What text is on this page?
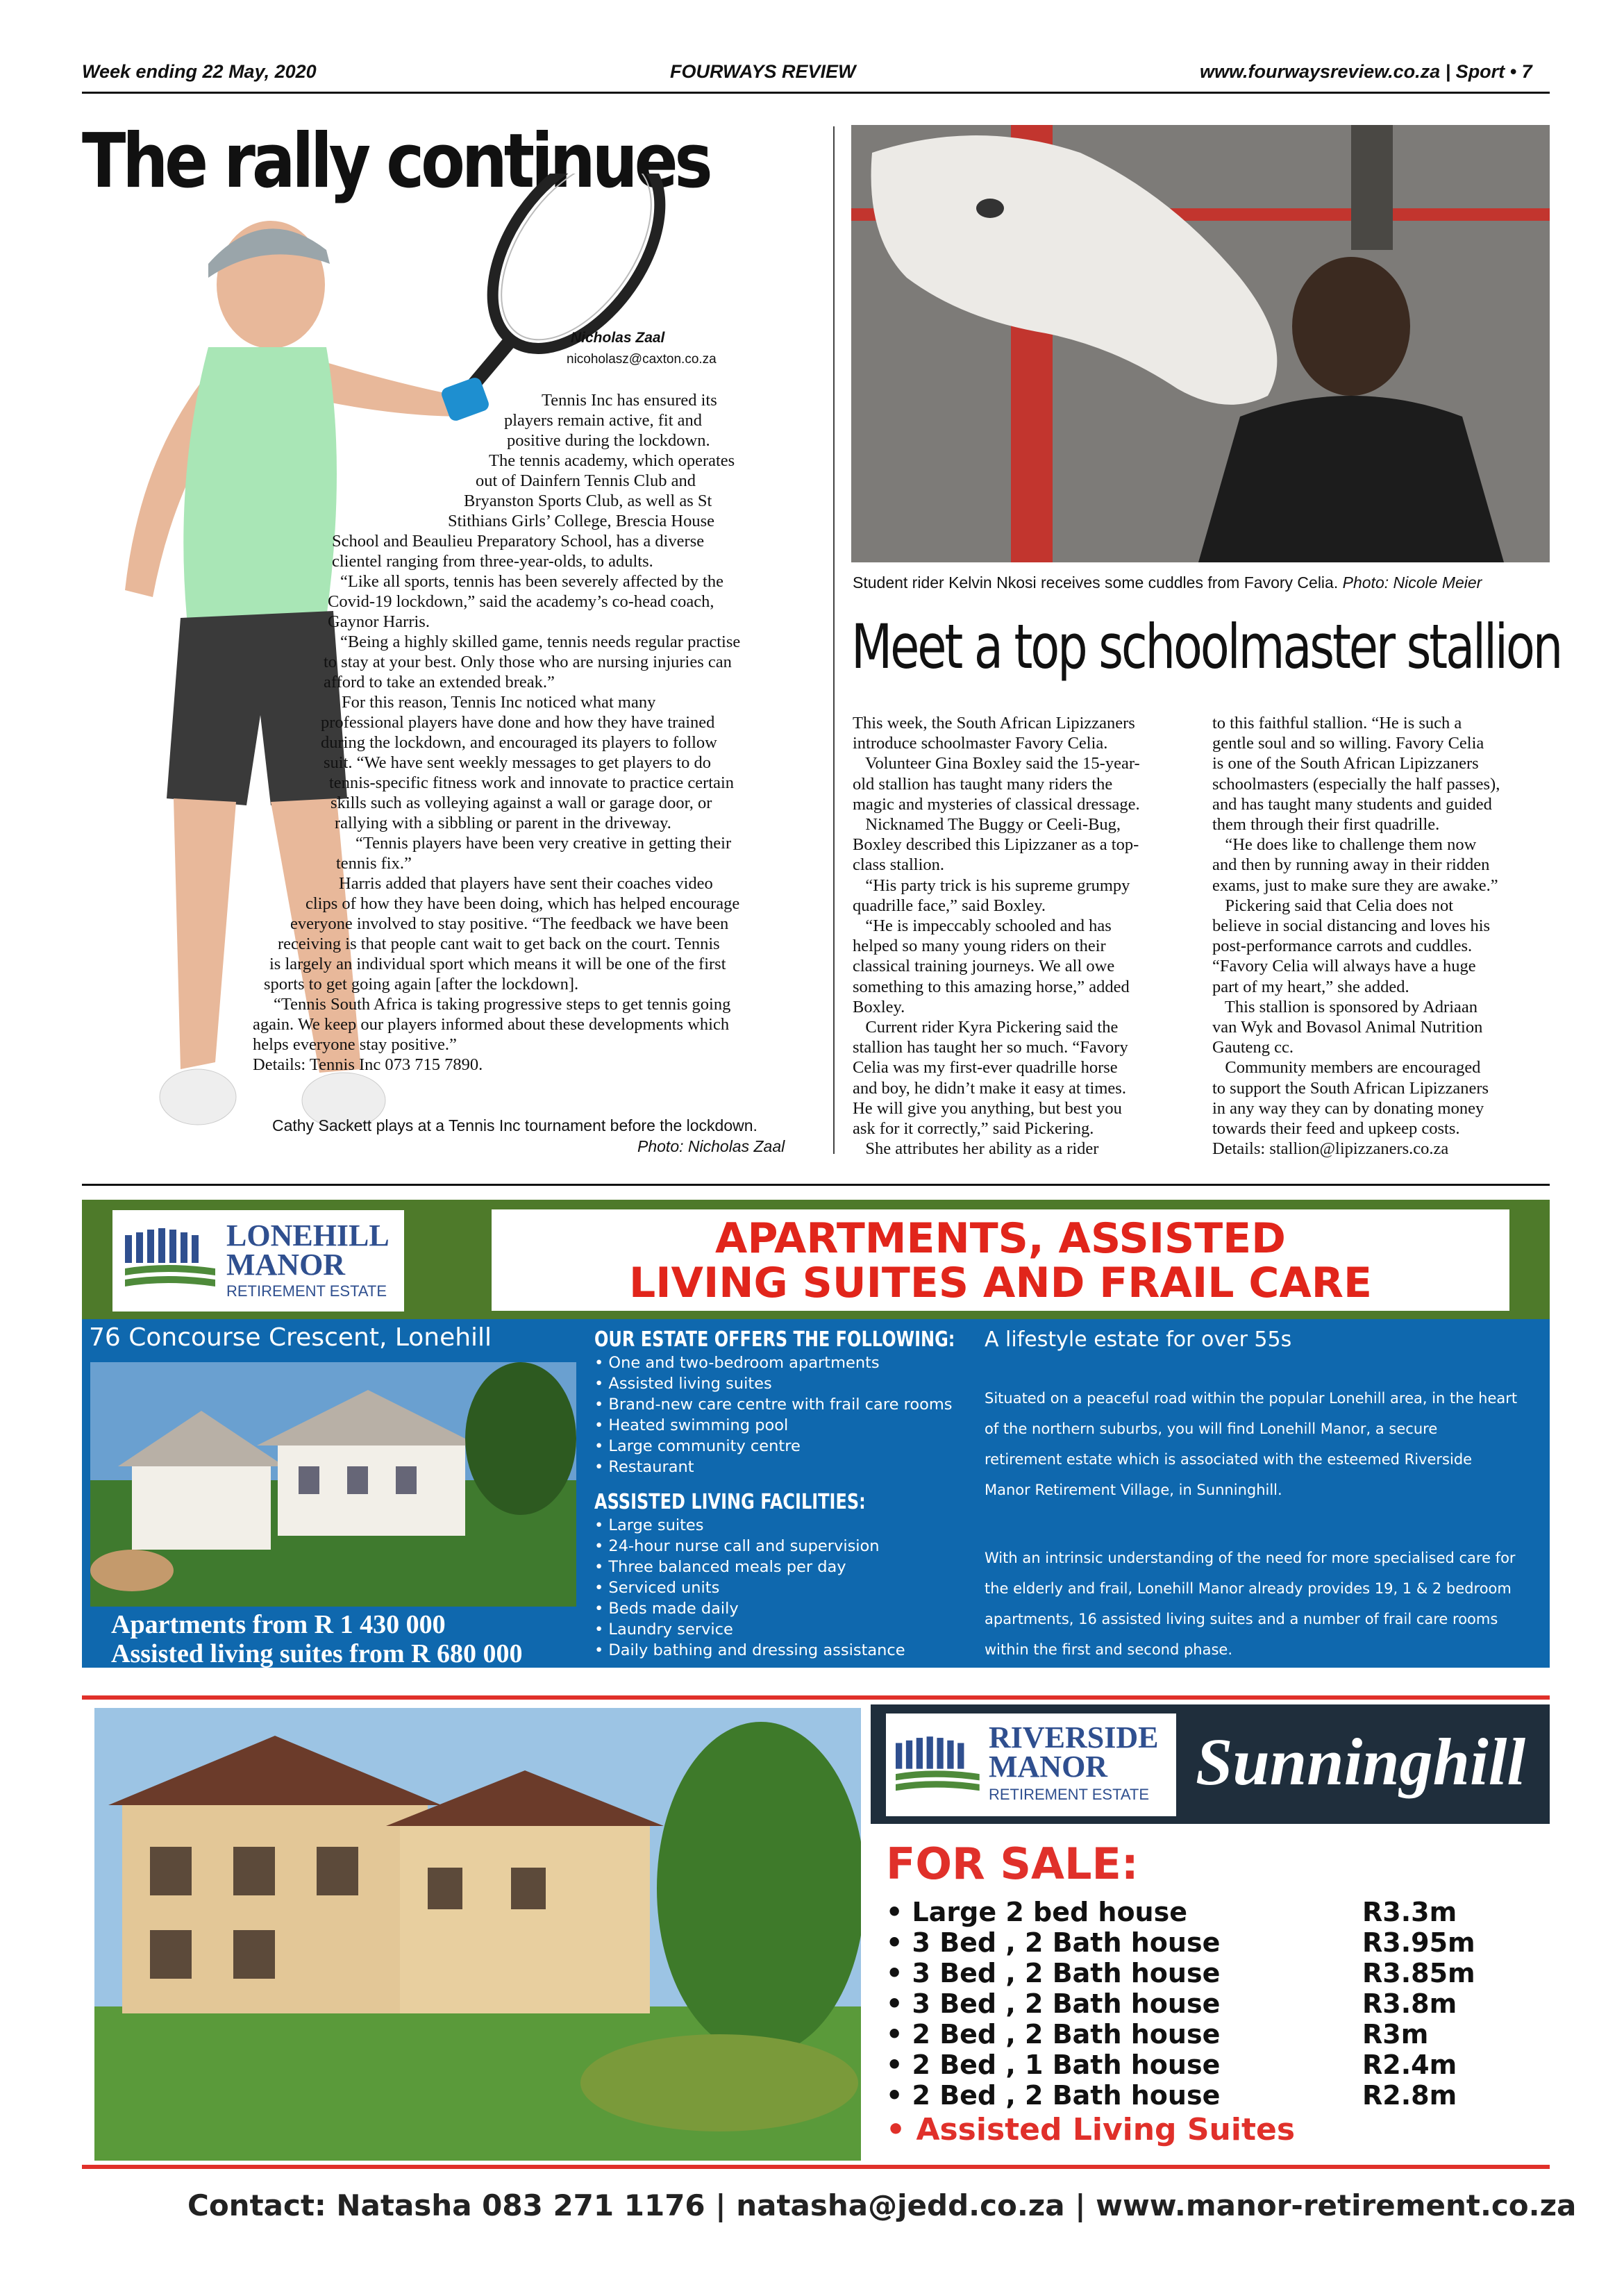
Week ending 22 May, 2020	FOURWAYS REVIEW	www.fourwaysreview.co.za | Sport • 7
The rally continues
Nicholas Zaal
nicoholasz@caxton.co.za
Tennis Inc has ensured its
players remain active, fit and
positive during the lockdown.
The tennis academy, which operates
out of Dainfern Tennis Club and
Bryanston Sports Club, as well as St
Stithians Girls’ College, Brescia House
School and Beaulieu Preparatory School, has a diverse
clientel ranging from three-year-olds, to adults.
“Like all sports, tennis has been severely affected by the
Covid-19 lockdown,” said the academy’s co-head coach,
Gaynor Harris.
“Being a highly skilled game, tennis needs regular practise
to stay at your best. Only those who are nursing injuries can
afford to take an extended break.”
For this reason, Tennis Inc noticed what many
professional players have done and how they have trained
during the lockdown, and encouraged its players to follow
suit. “We have sent weekly messages to get players to do
tennis-specific fitness work and innovate to practice certain
skills such as volleying against a wall or garage door, or
rallying with a sibbling or parent in the driveway.
“Tennis players have been very creative in getting their
tennis fix.”
Harris added that players have sent their coaches video
clips of how they have been doing, which has helped encourage
everyone involved to stay positive. “The feedback we have been
receiving is that people cant wait to get back on the court. Tennis
is largely an individual sport which means it will be one of the first
sports to get going again [after the lockdown].
“Tennis South Africa is taking progressive steps to get tennis going
again. We keep our players informed about these developments which
helps everyone stay positive.”
Details: Tennis Inc 073 715 7890.
Cathy Sackett plays at a Tennis Inc tournament before the lockdown.
Photo: Nicholas Zaal
Student rider Kelvin Nkosi receives some cuddles from Favory Celia. Photo: Nicole Meier
Meet a top schoolmaster stallion
This week, the South African Lipizzaners
introduce schoolmaster Favory Celia.
Volunteer Gina Boxley said the 15-year-
old stallion has taught many riders the
magic and mysteries of classical dressage.
Nicknamed The Buggy or Ceeli-Bug,
Boxley described this Lipizzaner as a top-
class stallion.
“His party trick is his supreme grumpy
quadrille face,” said Boxley.
“He is impeccably schooled and has
helped so many young riders on their
classical training journeys. We all owe
something to this amazing horse,” added
Boxley.
Current rider Kyra Pickering said the
stallion has taught her so much. “Favory
Celia was my first-ever quadrille horse
and boy, he didn’t make it easy at times.
He will give you anything, but best you
ask for it correctly,” said Pickering.
She attributes her ability as a rider
to this faithful stallion. “He is such a
gentle soul and so willing. Favory Celia
is one of the South African Lipizzaners
schoolmasters (especially the half passes),
and has taught many students and guided
them through their first quadrille.
“He does like to challenge them now
and then by running away in their ridden
exams, just to make sure they are awake.”
Pickering said that Celia does not
believe in social distancing and loves his
post-performance carrots and cuddles.
“Favory Celia will always have a huge
part of my heart,” she added.
This stallion is sponsored by Adriaan
van Wyk and Bovasol Animal Nutrition
Gauteng cc.
Community members are encouraged
to support the South African Lipizzaners
in any way they can by donating money
towards their feed and upkeep costs.
Details: stallion@lipizzaners.co.za
LONEHILL
MANOR
RETIREMENT ESTATE
APARTMENTS, ASSISTED
LIVING SUITES AND FRAIL CARE
76 Concourse Crescent, Lonehill
Apartments from R 1 430 000
Assisted living suites from R 680 000
OUR ESTATE OFFERS THE FOLLOWING:
• One and two-bedroom apartments
• Assisted living suites
• Brand-new care centre with frail care rooms
• Heated swimming pool
• Large community centre
• Restaurant
ASSISTED LIVING FACILITIES:
• Large suites
• 24-hour nurse call and supervision
• Three balanced meals per day
• Serviced units
• Beds made daily
• Laundry service
• Daily bathing and dressing assistance
A lifestyle estate for over 55s
Situated on a peaceful road within the popular Lonehill area, in the heart
of the northern suburbs, you will find Lonehill Manor, a secure
retirement estate which is associated with the esteemed Riverside
Manor Retirement Village, in Sunninghill.
With an intrinsic understanding of the need for more specialised care for
the elderly and frail, Lonehill Manor already provides 19, 1 & 2 bedroom
apartments, 16 assisted living suites and a number of frail care rooms
within the first and second phase.
RIVERSIDE
MANOR
RETIREMENT ESTATE Sunninghill
FOR SALE:
• Large 2 bed house	R3.3m
• 3 Bed , 2 Bath house	R3.95m
• 3 Bed , 2 Bath house	R3.85m
• 3 Bed , 2 Bath house	R3.8m
• 2 Bed , 2 Bath house	R3m
• 2 Bed , 1 Bath house	R2.4m
• 2 Bed , 2 Bath house	R2.8m
• Assisted Living Suites
Contact: Natasha 083 271 1176 | natasha@jedd.co.za | www.manor-retirement.co.za
